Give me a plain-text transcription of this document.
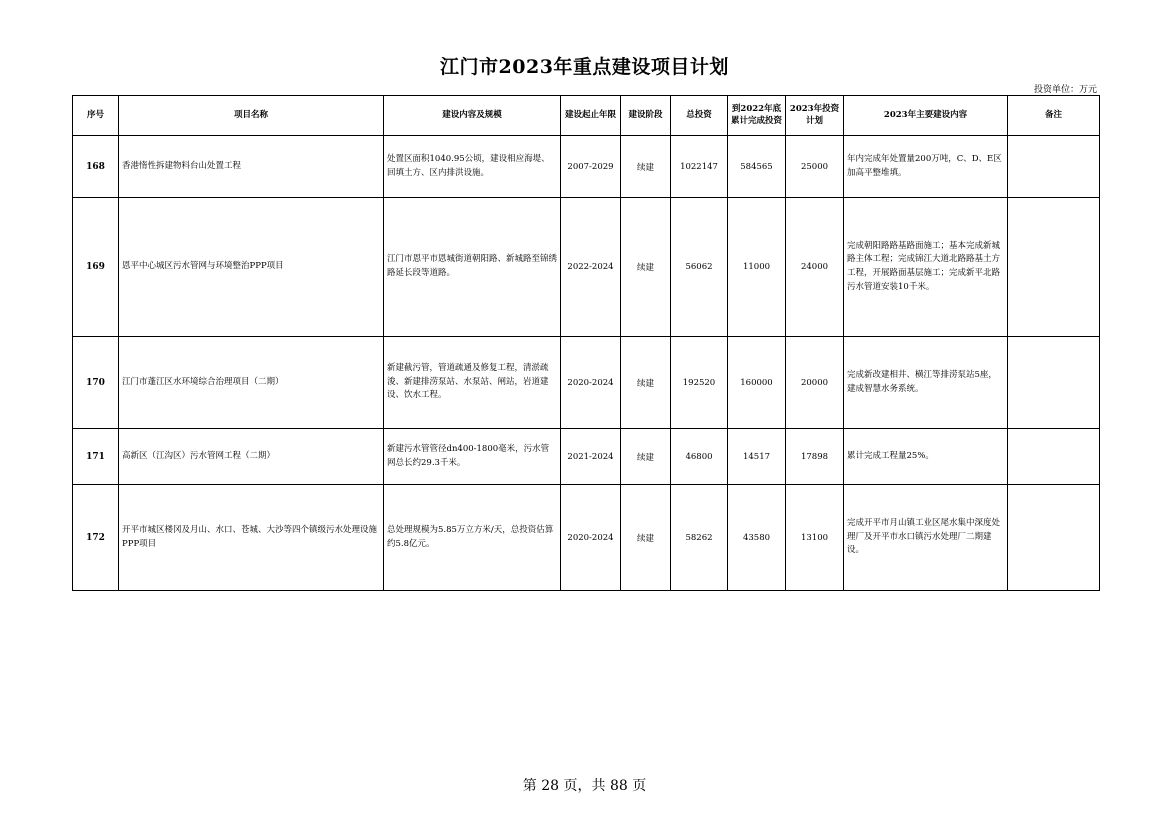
江门市2023年重点建设项目计划
投资单位：万元
序号	项目名称	建设内容及规模	建设起止年限	建设阶段	总投资	到2022年底累计完成投资	2023年投资计划	2023年主要建设内容	备注
168	香港惰性拆建物料台山处置工程	处置区面积1040.95公顷，建设相应海堤、回填土方、区内排洪设施。	2007-2029	续建	1022147	584565	25000	年内完成年处置量200万吨，C、D、E区加高平整堆填。	
169	恩平中心城区污水管网与环境整治PPP项目	江门市恩平市恩城街道朝阳路、新城路至锦绣路延长段等道路。	2022-2024	续建	56062	11000	24000	完成朝阳路路基路面施工；基本完成新城路主体工程；完成锦江大道北路路基土方工程，开展路面基层施工；完成新平北路污水管道安装10千米。	
170	江门市蓬江区水环境综合治理项目（二期）	新建截污管，管道疏通及修复工程，清淤疏浚、新建排涝泵站、水泵站、闸站，岩道建设、饮水工程。	2020-2024	续建	192520	160000	20000	完成新改建相井、横江等排涝泵站5座，建成智慧水务系统。	
171	高新区（江沟区）污水管网工程（二期）	新建污水管管径dn400-1800毫米，污水管网总长约29.3千米。	2021-2024	续建	46800	14517	17898	累计完成工程量25%。	
172	开平市城区楼冈及月山、水口、苍城、大沙等四个镇级污水处理设施PPP项目	总处理规模为5.85万立方米/天，总投资估算约5.8亿元。	2020-2024	续建	58262	43580	13100	完成开平市月山镇工业区尾水集中深度处理厂及开平市水口镇污水处理厂二期建设。	
第 28 页，共 88 页
